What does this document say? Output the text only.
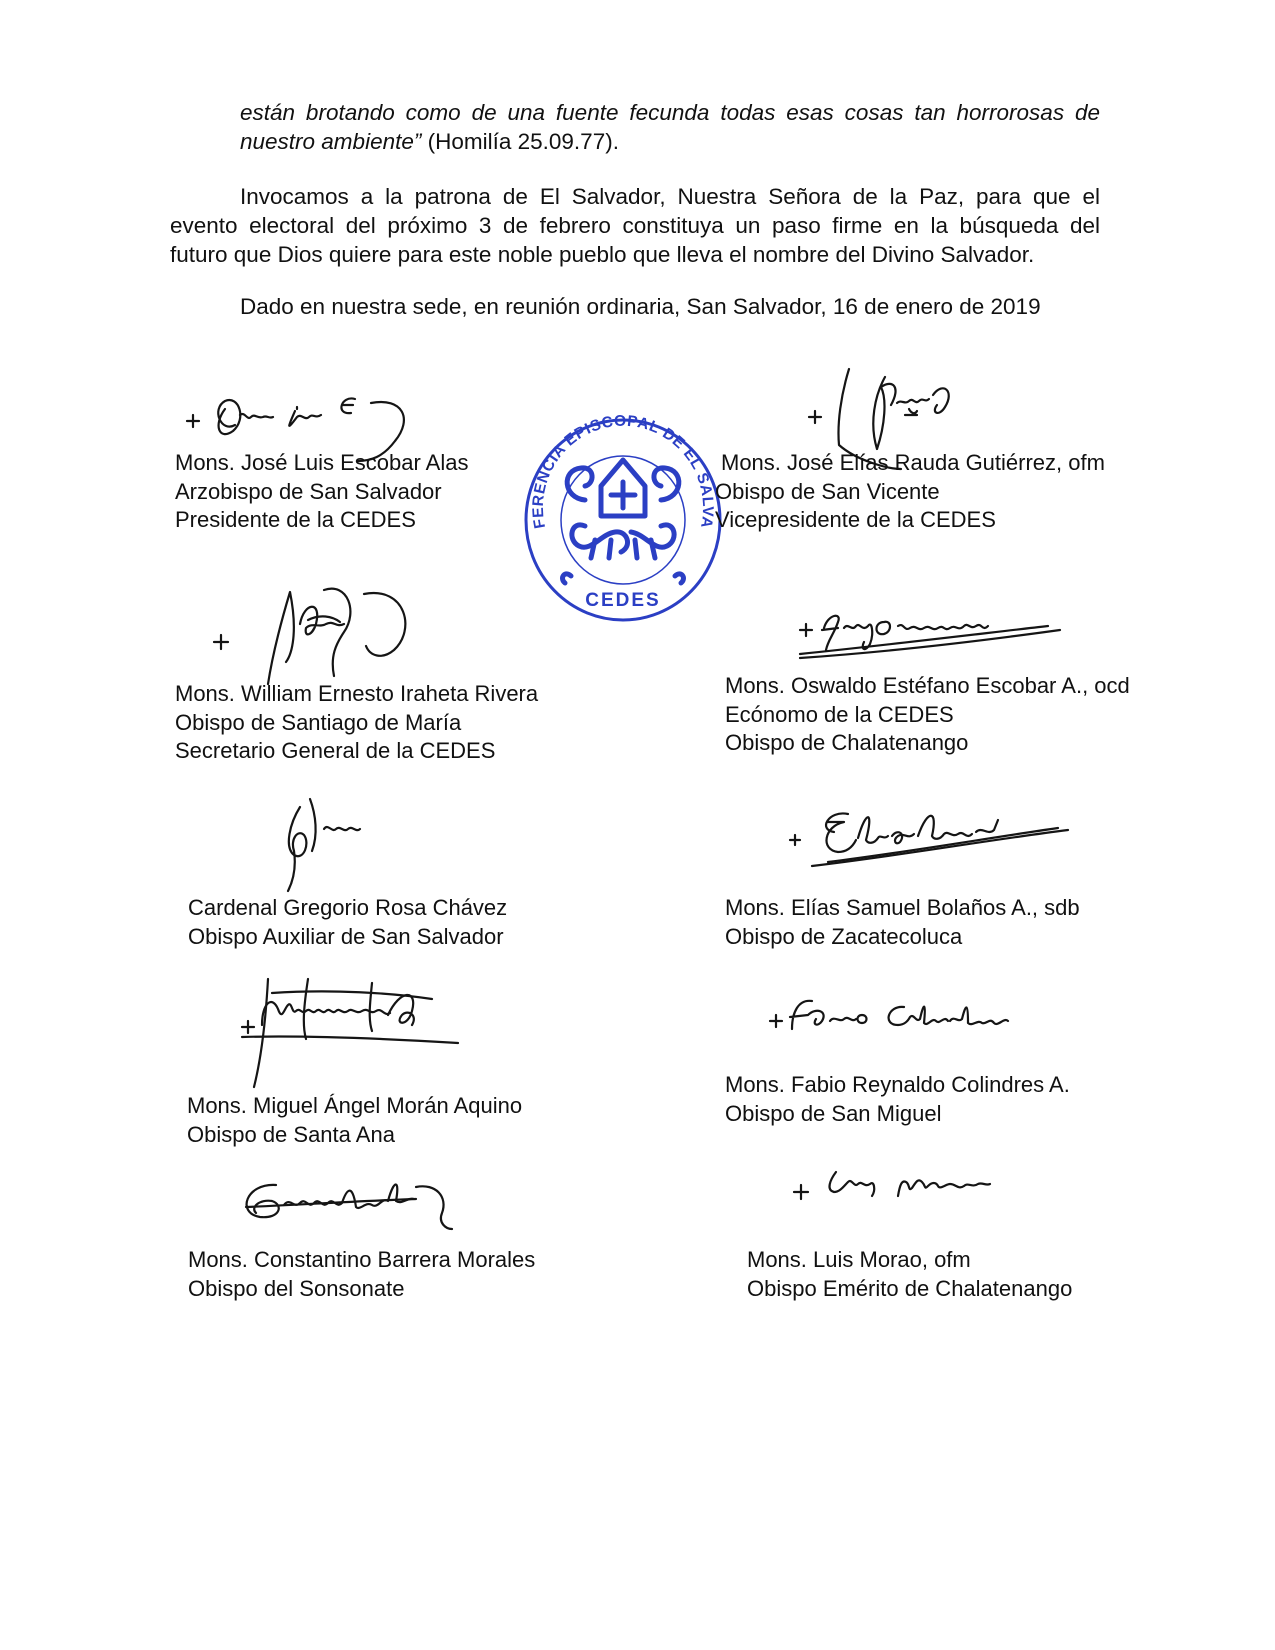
están brotando como de una fuente fecunda todas esas cosas tan horrorosas de
nuestro ambiente” (Homilía 25.09.77).
Invocamos a la patrona de El Salvador, Nuestra Señora de la Paz, para que el
evento electoral del próximo 3 de febrero constituya un paso firme en la búsqueda del
futuro que Dios quiere para este noble pueblo que lleva el nombre del Divino Salvador.
Dado en nuestra sede, en reunión ordinaria, San Salvador, 16 de enero de 2019
FERENCIA EPISCOPAL DE EL SALVA
CEDES
Mons. José Luis Escobar Alas
Arzobispo de San Salvador
Presidente de la CEDES
Mons. José Elías Rauda Gutiérrez, ofm
Obispo de San Vicente
Vicepresidente de la CEDES
Mons. William Ernesto Iraheta Rivera
Obispo de Santiago de María
Secretario General de la CEDES
Mons. Oswaldo Estéfano Escobar A., ocd
Ecónomo de la CEDES
Obispo de Chalatenango
Cardenal Gregorio Rosa Chávez
Obispo Auxiliar de San Salvador
Mons. Elías Samuel Bolaños A., sdb
Obispo de Zacatecoluca
Mons. Miguel Ángel Morán Aquino
Obispo de Santa Ana
Mons. Fabio Reynaldo Colindres A.
Obispo de San Miguel
Mons. Constantino Barrera Morales
Obispo del Sonsonate
Mons. Luis Morao, ofm
Obispo Emérito de Chalatenango
